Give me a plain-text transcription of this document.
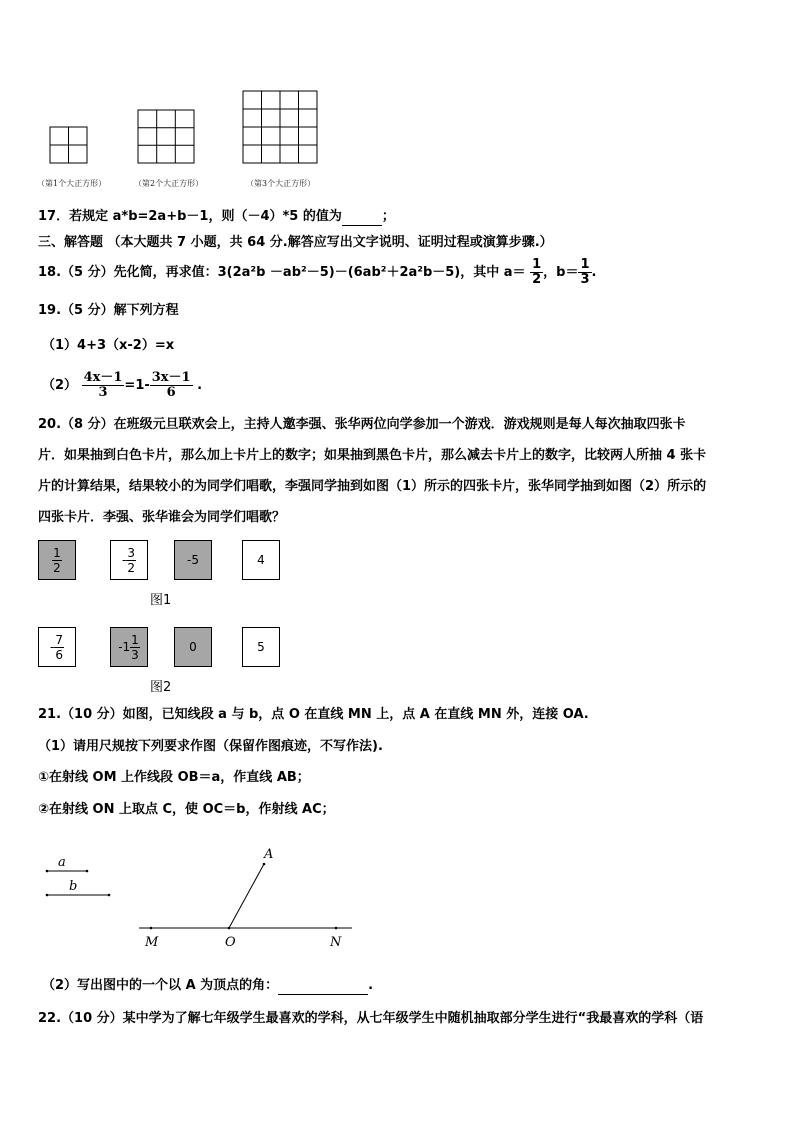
（第1个大正方形）	（第2个大正方形）	（第3个大正方形）
17．若规定 a*b=2a+b－1，则（－4）*5 的值为	；
三、解答题 （本大题共 7 小题，共 64 分.解答应写出文字说明、证明过程或演算步骤.）
18.（5 分）先化简，再求值：3(2a²b －ab²－5)－(6ab²＋2a²b－5)，其中 $a= \frac{1}{2}$ ，$b= \frac{1}{3}$ .
19.（5 分）解下列方程
（1）4+3（x-2）=x
$(2) \frac{4x-1}{3} =1- \frac{3x-1}{6}$ .
20.（8 分）在班级元旦联欢会上，主持人邀李强、张华两位向学参加一个游戏．游戏规则是每人每次抽取四张卡
片．如果抽到白色卡片，那么加上卡片上的数字；如果抽到黑色卡片，那么减去卡片上的数字，比较两人所抽 4 张卡
片的计算结果，结果较小的为同学们唱歌，李强同学抽到如图（1）所示的四张卡片，张华同学抽到如图（2）所示的
四张卡片．李强、张华谁会为同学们唱歌？
$\frac{1}{2}$	- $\frac{3}{2}$	-5	4
图1
- $\frac{7}{6}$	$-1 \frac{1}{3}$	0	5
图2
21.（10 分）如图，已知线段 a 与 b，点 O 在直线 MN 上，点 A 在直线 MN 外，连接 OA.
（1）请用尺规按下列要求作图（保留作图痕迹，不写作法).
①在射线 OM 上作线段 OB＝a，作直线 AB；
②在射线 ON 上取点 C，使 OC＝b，作射线 AC；
a
b
A
M	O	N
（2）写出图中的一个以 A 为顶点的角：	.
22.（10 分）某中学为了解七年级学生最喜欢的学科，从七年级学生中随机抽取部分学生进行“我最喜欢的学科（语
